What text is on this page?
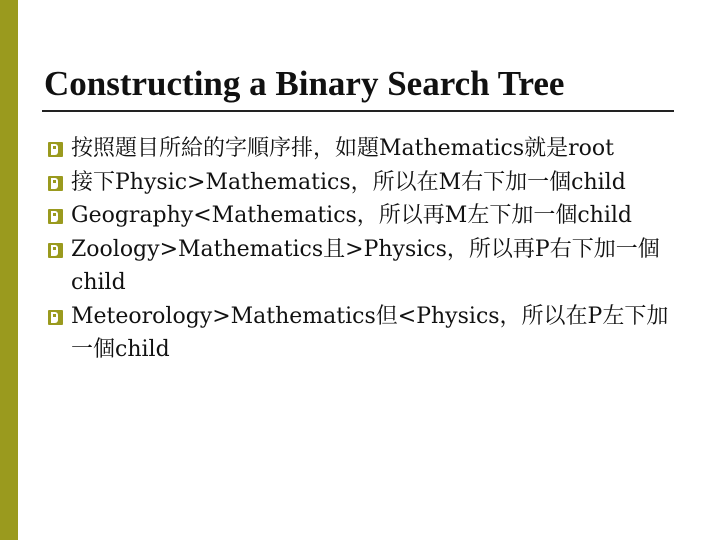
Constructing a Binary Search Tree
按照題目所給的字順序排，如題Mathematics就是root
接下Physic>Mathematics，所以在M右下加一個child
Geography<Mathematics，所以再M左下加一個child
Zoology>Mathematics且>Physics，所以再P右下加一個child
Meteorology>Mathematics但<Physics，所以在P左下加一個child
